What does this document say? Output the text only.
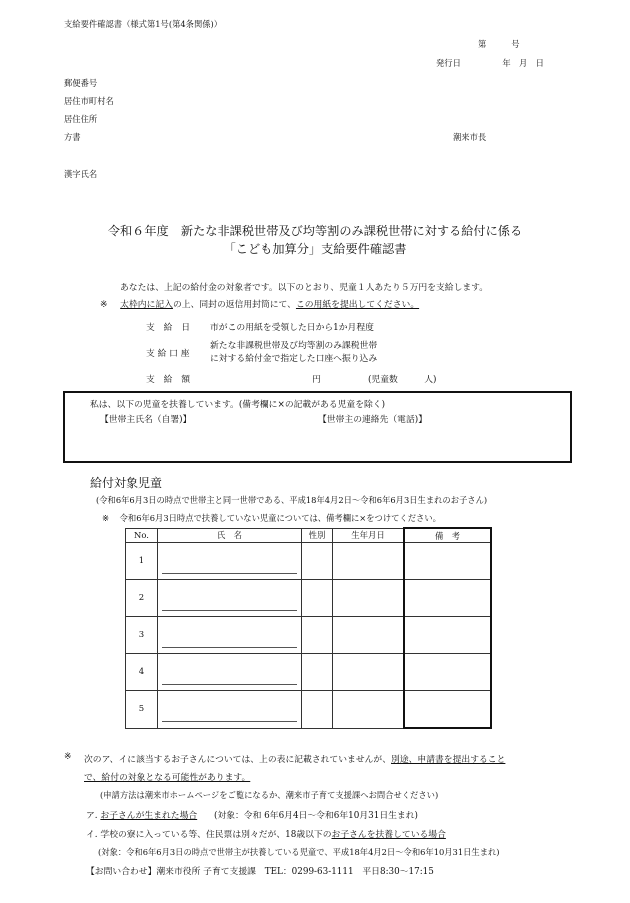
支給要件確認書（様式第1号(第4条関係)）
第　　　号
発行日　　　　　年　月　日
郵便番号
居住市町村名
居住住所
方書	潮来市長
漢字氏名
令和６年度　新たな非課税世帯及び均等割のみ課税世帯に対する給付に係る
「こども加算分」支給要件確認書
あなたは、上記の給付金の対象者です。以下のとおり、児童１人あたり５万円を支給します。
※ 太枠内に記入の上、同封の返信用封筒にて、この用紙を提出してください。
支　給　日 市がこの用紙を受領した日から1か月程度
支 給 口 座
新たな非課税世帯及び均等割のみ課税世帯
に対する給付金で指定した口座へ振り込み
支　給　額	円	(児童数　　　人)
私は、以下の児童を扶養しています。(備考欄に×の記載がある児童を除く)
【世帯主氏名（自署)】	【世帯主の連絡先（電話)】
給付対象児童
(令和6年6月3日の時点で世帯主と同一世帯である、平成18年4月2日～令和6年6月3日生まれのお子さん)
※ 令和6年6月3日時点で扶養していない児童については、備考欄に×をつけてください。
No.	氏　名	性別	生年月日	備　考
1	

2	

3	

4	

5	

※ 次のア、イに該当するお子さんについては、上の表に記載されていませんが、別途、申請書を提出すること
で、給付の対象となる可能性があります。
(申請方法は潮来市ホームページをご覧になるか、潮来市子育て支援課へお問合せください)
ア. お子さんが生まれた場合 (対象：令和 6年6月4日～令和6年10月31日生まれ)
イ. 学校の寮に入っている等、住民票は別々だが、18歳以下のお子さんを扶養している場合
(対象：令和6年6月3日の時点で世帯主が扶養している児童で、平成18年4月2日～令和6年10月31日生まれ)
【お問い合わせ】潮来市役所 子育て支援課　TEL：0299-63-1111　平日8:30～17:15
